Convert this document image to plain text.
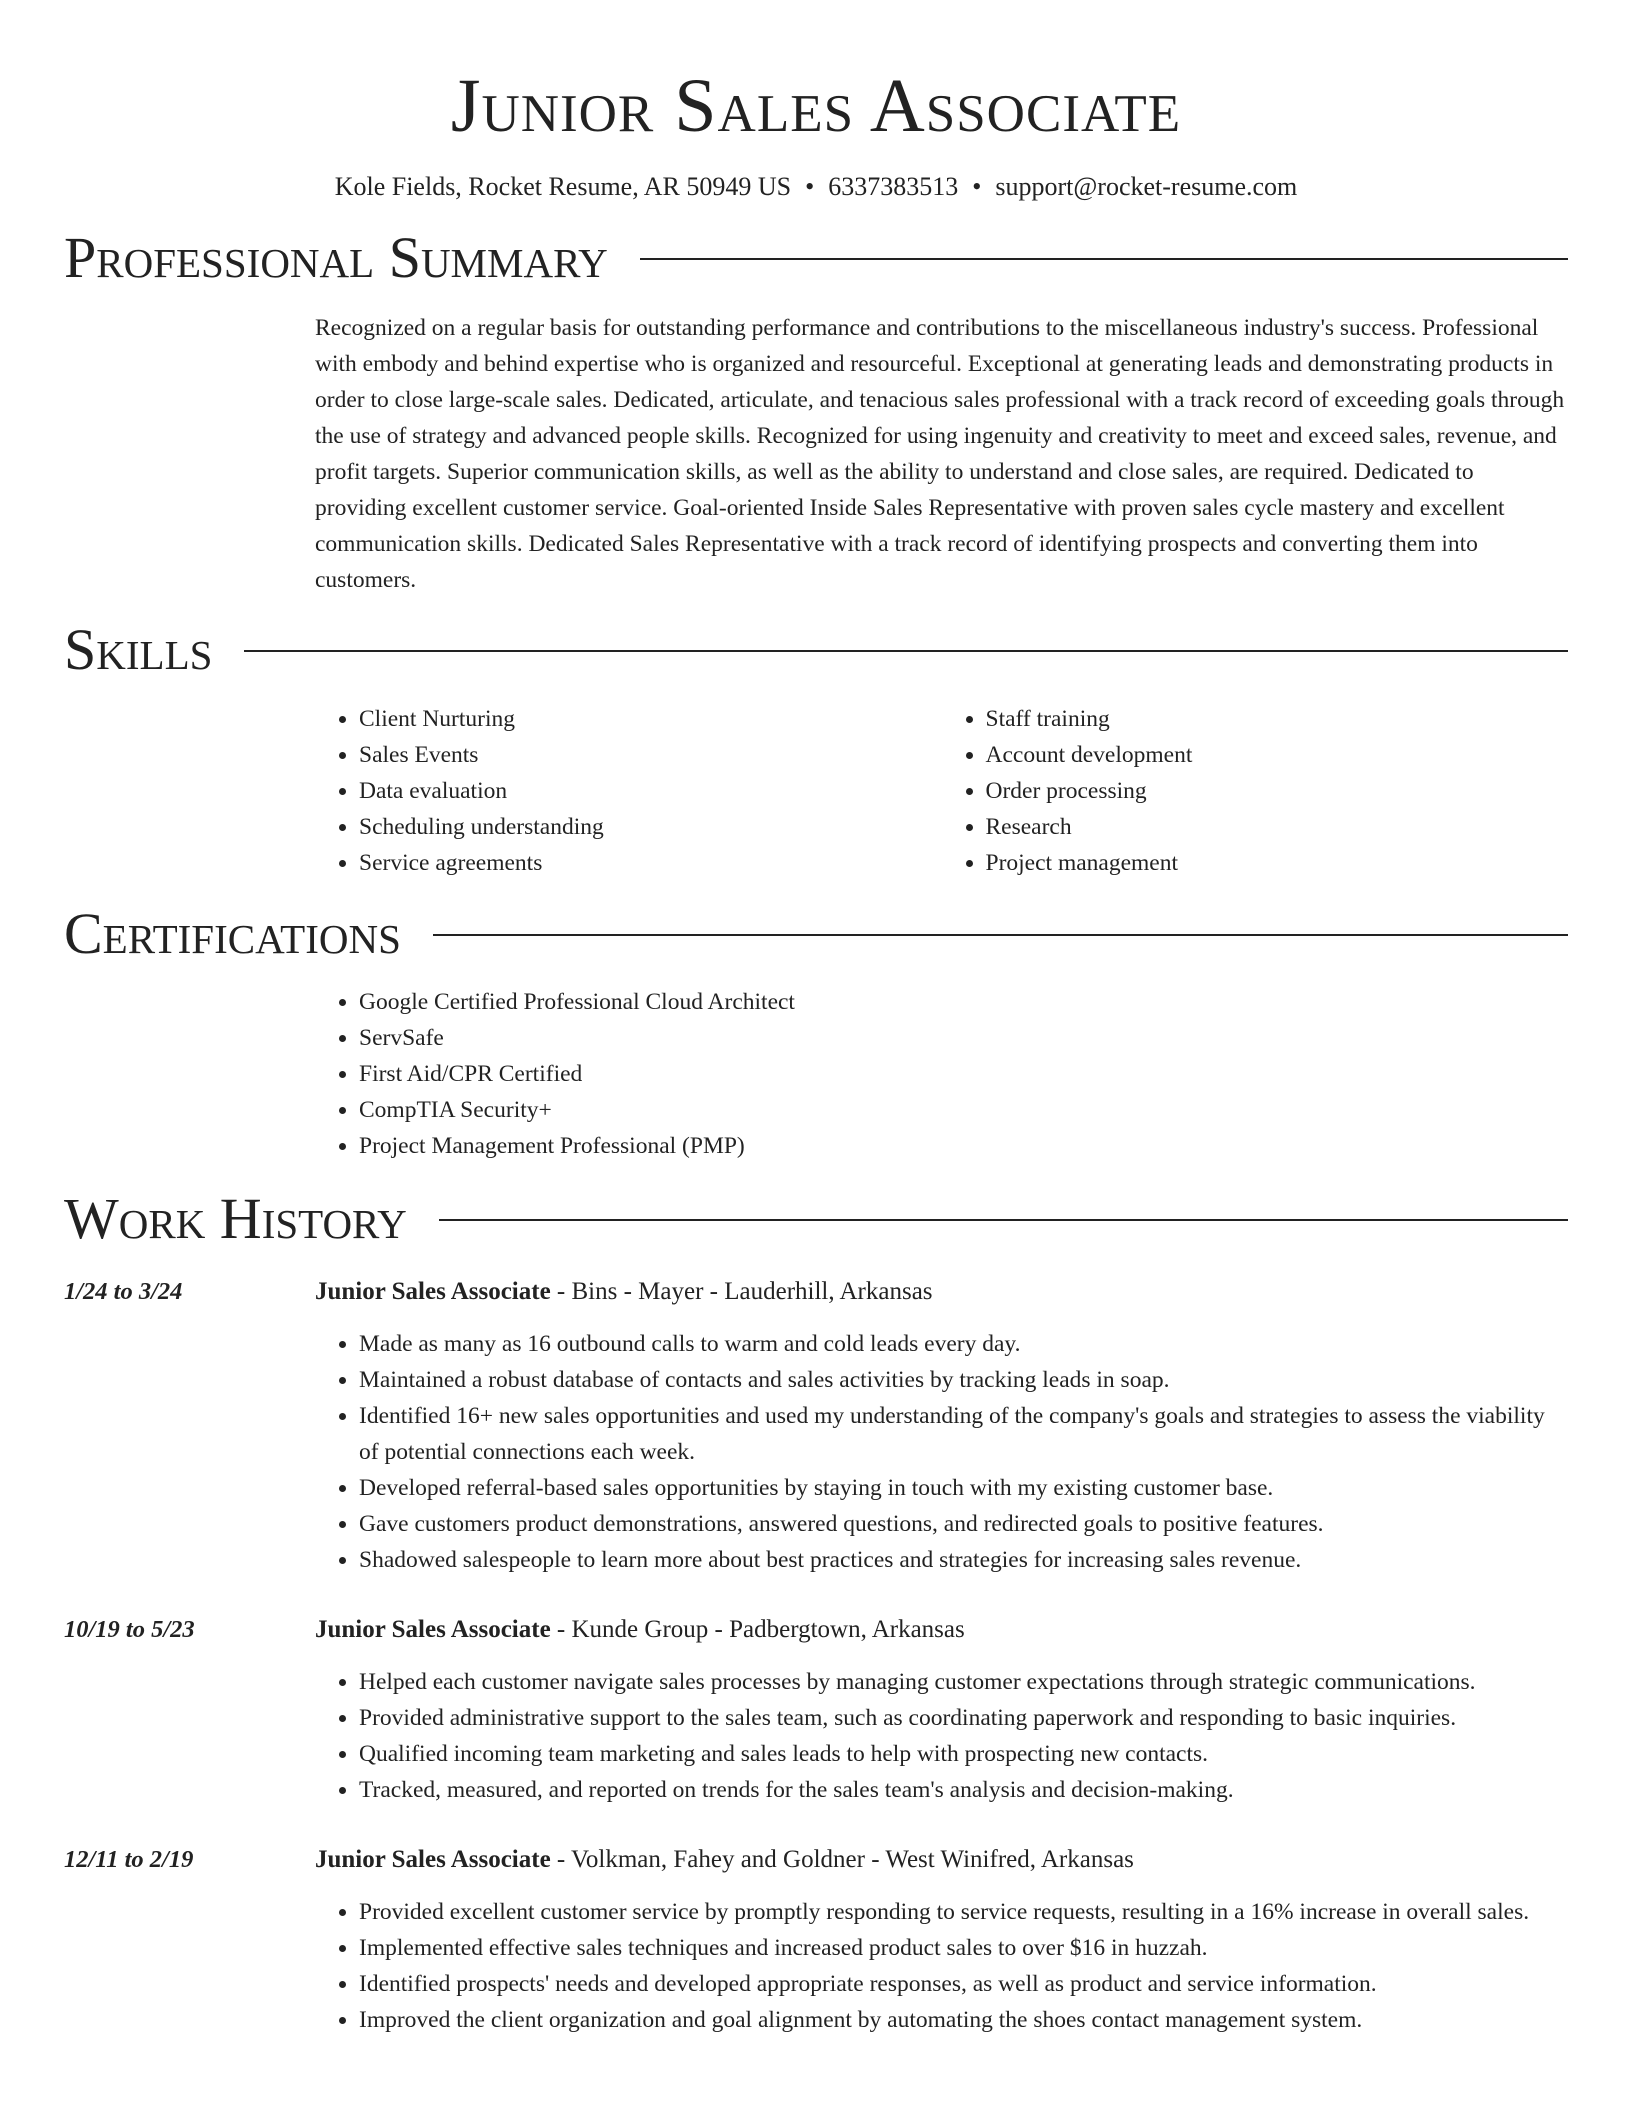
Junior Sales Associate
Kole Fields, Rocket Resume, AR 50949 US • 6337383513 • support@rocket-resume.com
Professional Summary

Recognized on a regular basis for outstanding performance and contributions to the miscellaneous industry's success. Professional with embody and behind expertise who is organized and resourceful. Exceptional at generating leads and demonstrating products in order to close large-scale sales. Dedicated, articulate, and tenacious sales professional with a track record of exceeding goals through the use of strategy and advanced people skills. Recognized for using ingenuity and creativity to meet and exceed sales, revenue, and profit targets. Superior communication skills, as well as the ability to understand and close sales, are required. Dedicated to providing excellent customer service. Goal-oriented Inside Sales Representative with proven sales cycle mastery and excellent communication skills. Dedicated Sales Representative with a track record of identifying prospects and converting them into customers.

Skills
• Client Nurturing
• Sales Events
• Data evaluation
• Scheduling understanding
• Service agreements
• Staff training
• Account development
• Order processing
• Research
• Project management
Certifications
• Google Certified Professional Cloud Architect
• ServSafe
• First Aid/CPR Certified
• CompTIA Security+
• Project Management Professional (PMP)
Work History
1/24 to 3/24	Junior Sales Associate - Bins - Mayer - Lauderhill, Arkansas
• Made as many as 16 outbound calls to warm and cold leads every day.
• Maintained a robust database of contacts and sales activities by tracking leads in soap.
• Identified 16+ new sales opportunities and used my understanding of the company's goals and strategies to assess the viability of potential connections each week.
• Developed referral-based sales opportunities by staying in touch with my existing customer base.
• Gave customers product demonstrations, answered questions, and redirected goals to positive features.
• Shadowed salespeople to learn more about best practices and strategies for increasing sales revenue.
10/19 to 5/23	Junior Sales Associate - Kunde Group - Padbergtown, Arkansas
• Helped each customer navigate sales processes by managing customer expectations through strategic communications.
• Provided administrative support to the sales team, such as coordinating paperwork and responding to basic inquiries.
• Qualified incoming team marketing and sales leads to help with prospecting new contacts.
• Tracked, measured, and reported on trends for the sales team's analysis and decision-making.
12/11 to 2/19	Junior Sales Associate - Volkman, Fahey and Goldner - West Winifred, Arkansas
• Provided excellent customer service by promptly responding to service requests, resulting in a 16% increase in overall sales.
• Implemented effective sales techniques and increased product sales to over $16 in huzzah.
• Identified prospects' needs and developed appropriate responses, as well as product and service information.
• Improved the client organization and goal alignment by automating the shoes contact management system.
